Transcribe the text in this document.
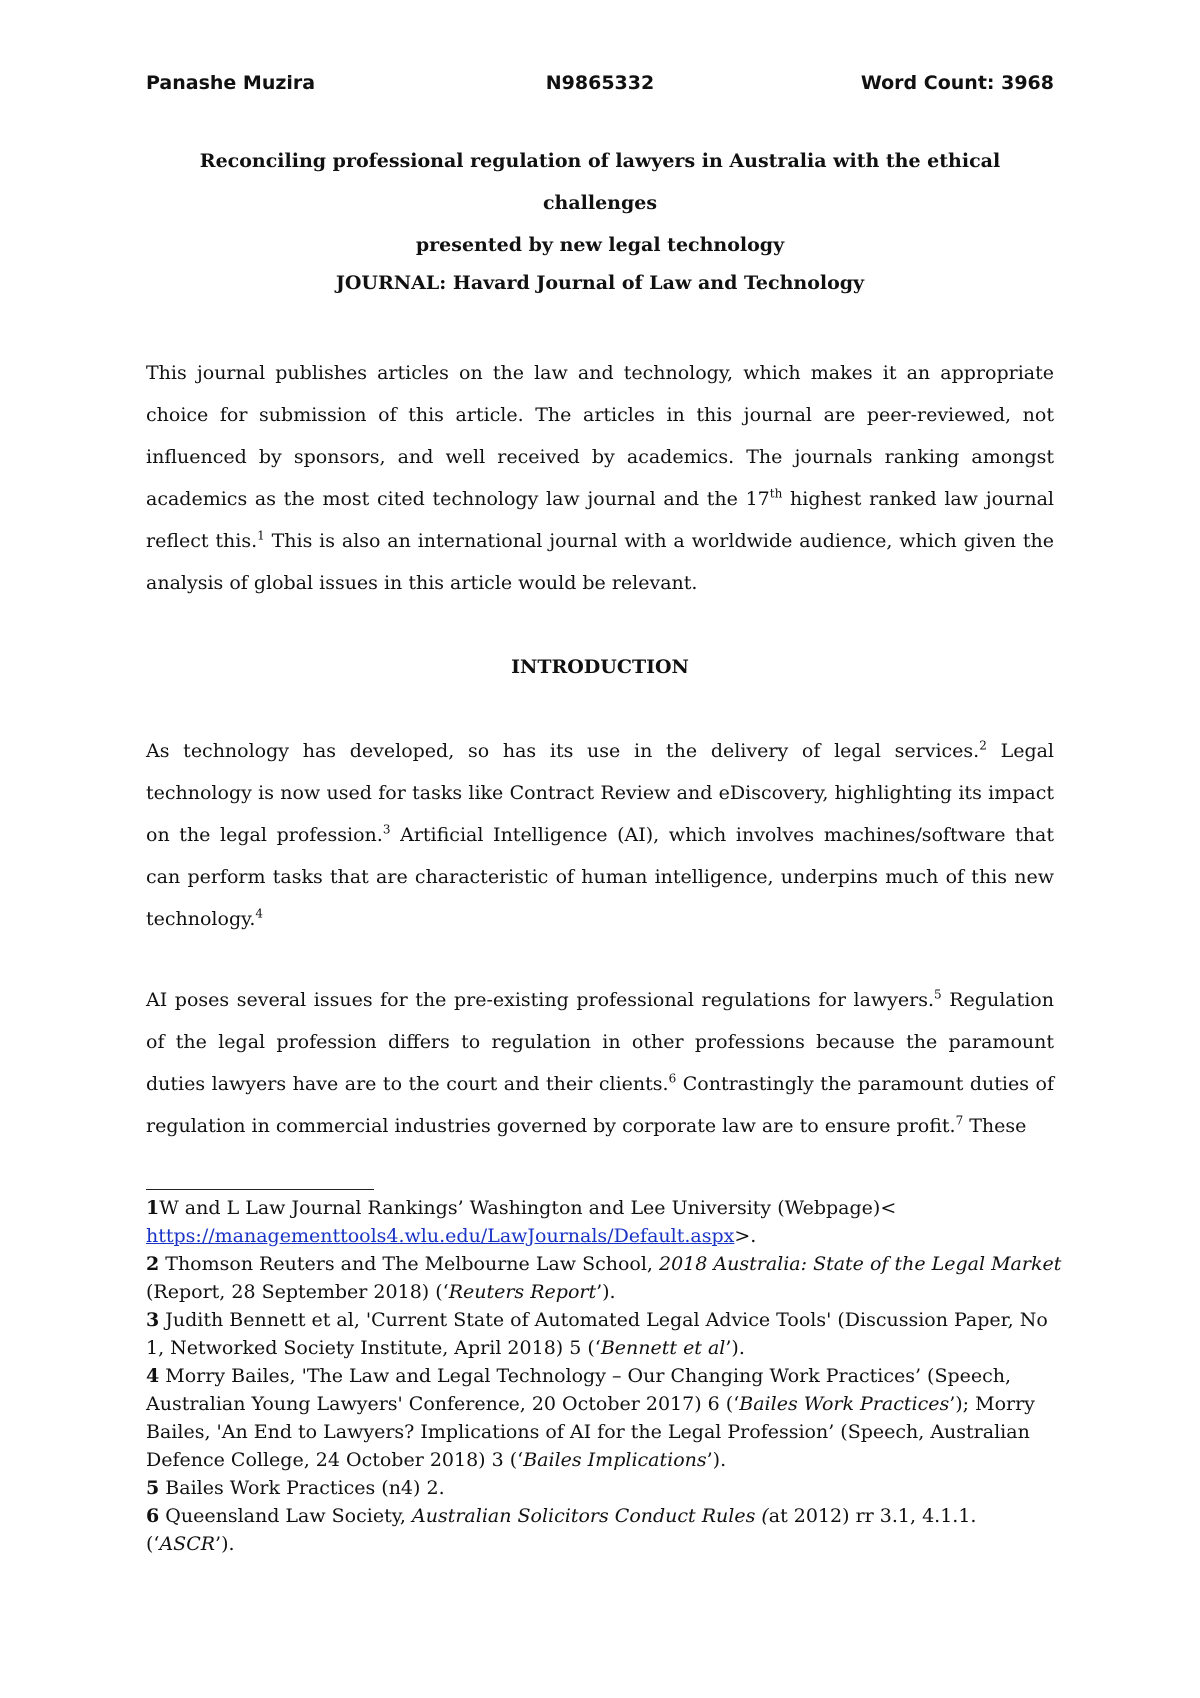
Panashe Muzira	N9865332	Word Count: 3968
Reconciling professional regulation of lawyers in Australia with the ethical challenges
presented by new legal technology
JOURNAL: Havard Journal of Law and Technology

This journal publishes articles on the law and technology, which makes it an appropriate choice for submission of this article. The articles in this journal are peer-reviewed, not influenced by sponsors, and well received by academics. The journals ranking amongst academics as the most cited technology law journal and the 17th highest ranked law journal reflect this.$^1$ This is also an international journal with a worldwide audience, which given the analysis of global issues in this article would be relevant.

INTRODUCTION

As technology has developed, so has its use in the delivery of legal services.$^2$ Legal technology is now used for tasks like Contract Review and eDiscovery, highlighting its impact on the legal profession.$^3$ Artificial Intelligence (AI), which involves machines/software that can perform tasks that are characteristic of human intelligence, underpins much of this new technology.$^4$

AI poses several issues for the pre-existing professional regulations for lawyers.$^5$ Regulation of the legal profession differs to regulation in other professions because the paramount duties lawyers have are to the court and their clients.$^6$ Contrastingly the paramount duties of regulation in commercial industries governed by corporate law are to ensure profit.$^7$ These

1W and L Law Journal Rankings’ Washington and Lee University (Webpage)< https://managementtools4.wlu.edu/LawJournals/Default.aspx>.

2 Thomson Reuters and The Melbourne Law School, 2018 Australia: State of the Legal Market (Report, 28 September 2018) (‘Reuters Report’).

3 Judith Bennett et al, 'Current State of Automated Legal Advice Tools' (Discussion Paper, No 1, Networked Society Institute, April 2018) 5 (‘Bennett et al’).

4 Morry Bailes, 'The Law and Legal Technology – Our Changing Work Practices’ (Speech, Australian Young Lawyers' Conference, 20 October 2017) 6 (‘Bailes Work Practices’); Morry Bailes, 'An End to Lawyers? Implications of AI for the Legal Profession’ (Speech, Australian Defence College, 24 October 2018) 3 (‘Bailes Implications’).

5 Bailes Work Practices (n4) 2.

6 Queensland Law Society, Australian Solicitors Conduct Rules (at 2012) rr 3.1, 4.1.1. (‘ASCR’).
